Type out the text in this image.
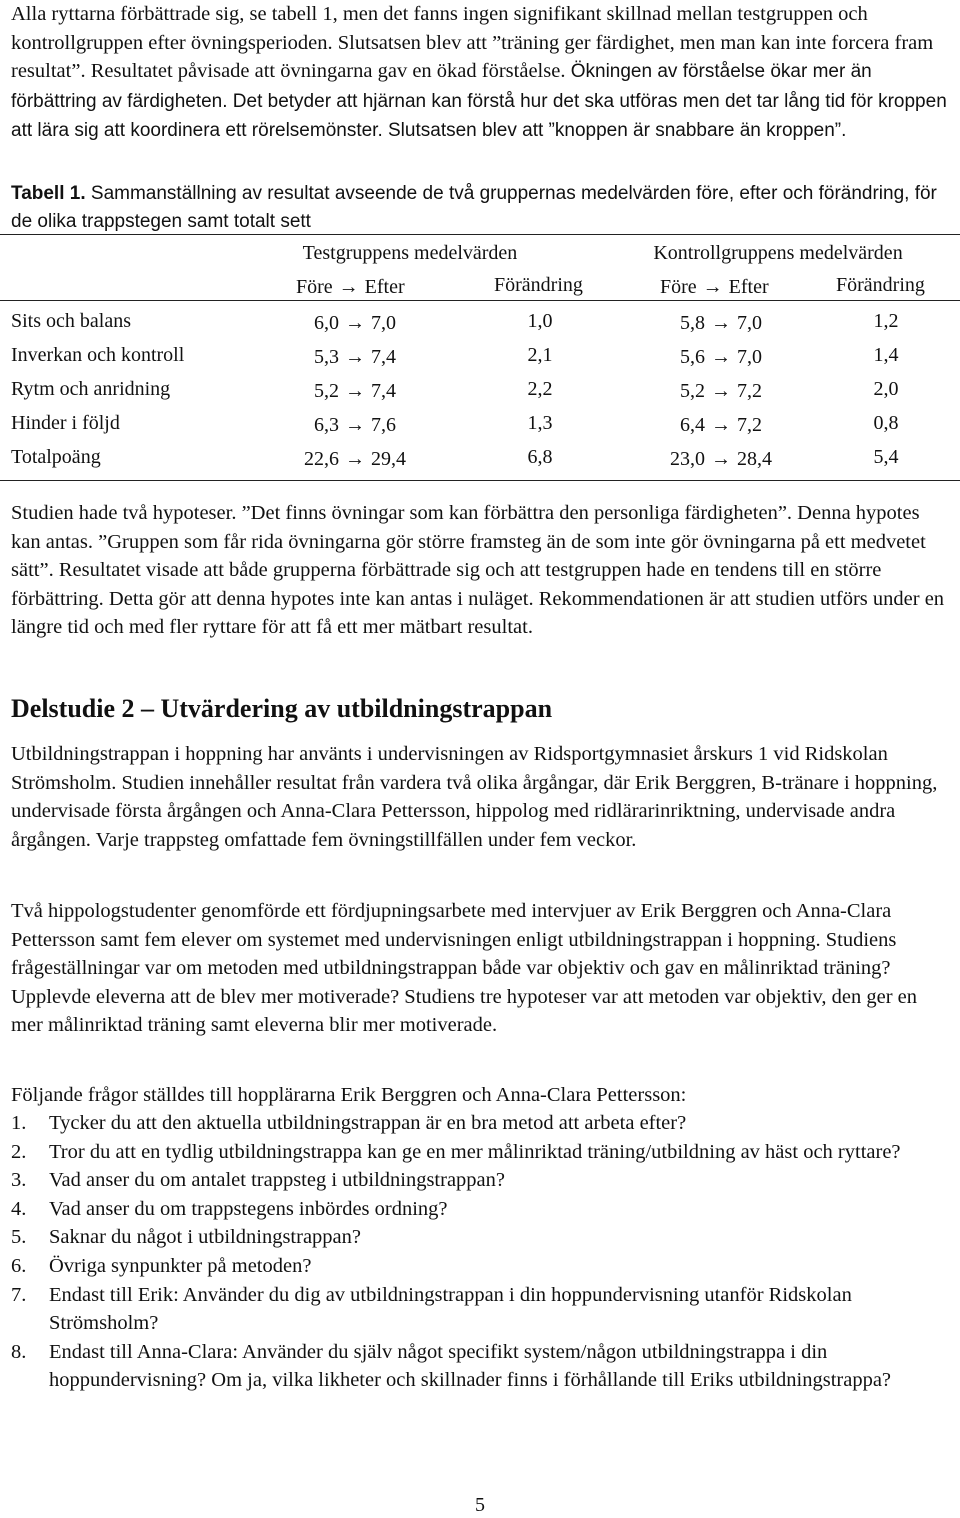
Alla ryttarna förbättrade sig, se tabell 1, men det fanns ingen signifikant skillnad mellan testgruppen och kontrollgruppen efter övningsperioden. Slutsatsen blev att ”träning ger färdighet, men man kan inte forcera fram resultat”. Resultatet påvisade att övningarna gav en ökad förståelse. Ökningen av förståelse ökar mer än förbättring av färdigheten. Det betyder att hjärnan kan förstå hur det ska utföras men det tar lång tid för kroppen att lära sig att koordinera ett rörelsemönster. Slutsatsen blev att ”knoppen är snabbare än kroppen”.

Tabell 1. Sammanställning av resultat avseende de två gruppernas medelvärden före, efter och förändring, för de olika trappstegen samt totalt sett

Testgruppens medelvärden	Kontrollgruppens medelvärden
Före → Efter	Förändring	Före → Efter	Förändring
Sits och balans	6,0 → 7,0	1,0	5,8 → 7,0	1,2
Inverkan och kontroll	5,3 → 7,4	2,1	5,6 → 7,0	1,4
Rytm och anridning	5,2 → 7,4	2,2	5,2 → 7,2	2,0
Hinder i följd	6,3 → 7,6	1,3	6,4 → 7,2	0,8
Totalpoäng	22,6 → 29,4	6,8	23,0 → 28,4	5,4

Studien hade två hypoteser. ”Det finns övningar som kan förbättra den personliga färdigheten”. Denna hypotes kan antas. ”Gruppen som får rida övningarna gör större framsteg än de som inte gör övningarna på ett medvetet sätt”. Resultatet visade att både grupperna förbättrade sig och att testgruppen hade en tendens till en större förbättring. Detta gör att denna hypotes inte kan antas i nuläget. Rekommendationen är att studien utförs under en längre tid och med fler ryttare för att få ett mer mätbart resultat.

Delstudie 2 – Utvärdering av utbildningstrappan

Utbildningstrappan i hoppning har använts i undervisningen av Ridsportgymnasiet årskurs 1 vid Ridskolan Strömsholm. Studien innehåller resultat från vardera två olika årgångar, där Erik Berggren, B-tränare i hoppning, undervisade första årgången och Anna-Clara Pettersson, hippolog med ridlärarinriktning, undervisade andra årgången. Varje trappsteg omfattade fem övningstillfällen under fem veckor.

Två hippologstudenter genomförde ett fördjupningsarbete med intervjuer av Erik Berggren och Anna-Clara Pettersson samt fem elever om systemet med undervisningen enligt utbildningstrappan i hoppning. Studiens frågeställningar var om metoden med utbildningstrappan både var objektiv och gav en målinriktad träning? Upplevde eleverna att de blev mer motiverade? Studiens tre hypoteser var att metoden var objektiv, den ger en mer målinriktad träning samt eleverna blir mer motiverade.

Följande frågor ställdes till hopplärarna Erik Berggren och Anna-Clara Pettersson:

1. Tycker du att den aktuella utbildningstrappan är en bra metod att arbeta efter?
2. Tror du att en tydlig utbildningstrappa kan ge en mer målinriktad träning/utbildning av häst och ryttare?
3. Vad anser du om antalet trappsteg i utbildningstrappan?
4. Vad anser du om trappstegens inbördes ordning?
5. Saknar du något i utbildningstrappan?
6. Övriga synpunkter på metoden?
7. Endast till Erik: Använder du dig av utbildningstrappan i din hoppundervisning utanför Ridskolan Strömsholm?
8. Endast till Anna-Clara: Använder du själv något specifikt system/någon utbildningstrappa i din hoppundervisning? Om ja, vilka likheter och skillnader finns i förhållande till Eriks utbildningstrappa?
5
